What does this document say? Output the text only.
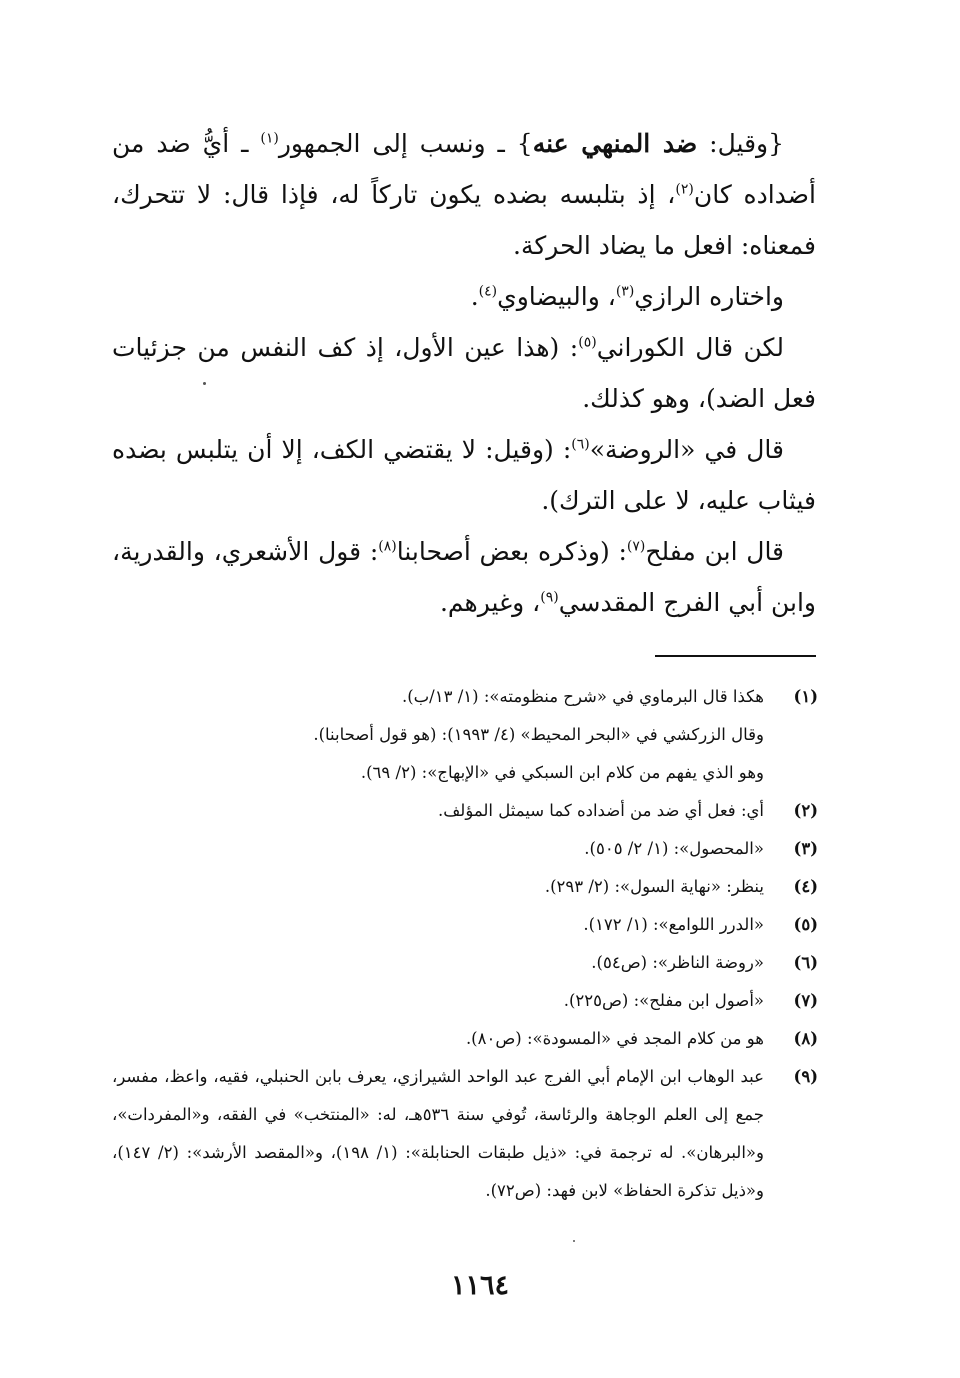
{وقيل: ضد المنهي عنه} ـ ونسب إلى الجمهور$^{(١)}$ ـ أيُّ ضد من أضداده كان$^{(٢)}$، إذ بتلبسه بضده يكون تاركاً له، فإذا قال: لا تتحرك، فمعناه: افعل ما يضاد الحركة.

واختاره الرازي$^{(٣)}$، والبيضاوي$^{(٤)}$.

لكن قال الكوراني$^{(٥)}$: (هذا عين الأول، إذ كف النفس من جزئيات فعل الضد)، وهو كذلك.

قال في «الروضة»$^{(٦)}$: (وقيل: لا يقتضي الكف، إلا أن يتلبس بضده فيثاب عليه، لا على الترك).

قال ابن مفلح$^{(٧)}$: (وذكره بعض أصحابنا$^{(٨)}$: قول الأشعري، والقدرية، وابن أبي الفرج المقدسي$^{(٩)}$، وغيرهم.

(١)
هكذا قال البرماوي في «شرح منظومته»: (١/ ١٣/ب).
وقال الزركشي في «البحر المحيط» (٤/ ١٩٩٣): (هو قول أصحابنا).
وهو الذي يفهم من كلام ابن السبكي في «الإبهاج»: (٢/ ٦٩).
(٢)
أي: فعل أي ضد من أضداده كما سيمثل المؤلف.
(٣)
«المحصول»: (١/ ٢/ ٥٠٥).
(٤)
ينظر: «نهاية السول»: (٢/ ٢٩٣).
(٥)
«الدرر اللوامع»: (١/ ١٧٢).
(٦)
«روضة الناظر»: (ص٥٤).
(٧)
«أصول ابن مفلح»: (ص٢٢٥).
(٨)
هو من كلام المجد في «المسودة»: (ص٨٠).
(٩)
عبد الوهاب ابن الإمام أبي الفرج عبد الواحد الشيرازي، يعرف بابن الحنبلي، فقيه، واعظ، مفسر، جمع إلى العلم الوجاهة والرئاسة، تُوفي سنة ٥٣٦هـ، له: «المنتخب» في الفقه، و«المفردات»، و«البرهان». له ترجمة في: «ذيل طبقات الحنابلة»: (١/ ١٩٨)، و«المقصد الأرشد»: (٢/ ١٤٧)، و«ذيل تذكرة الحفاظ» لابن فهد: (ص٧٢).
١١٦٤
